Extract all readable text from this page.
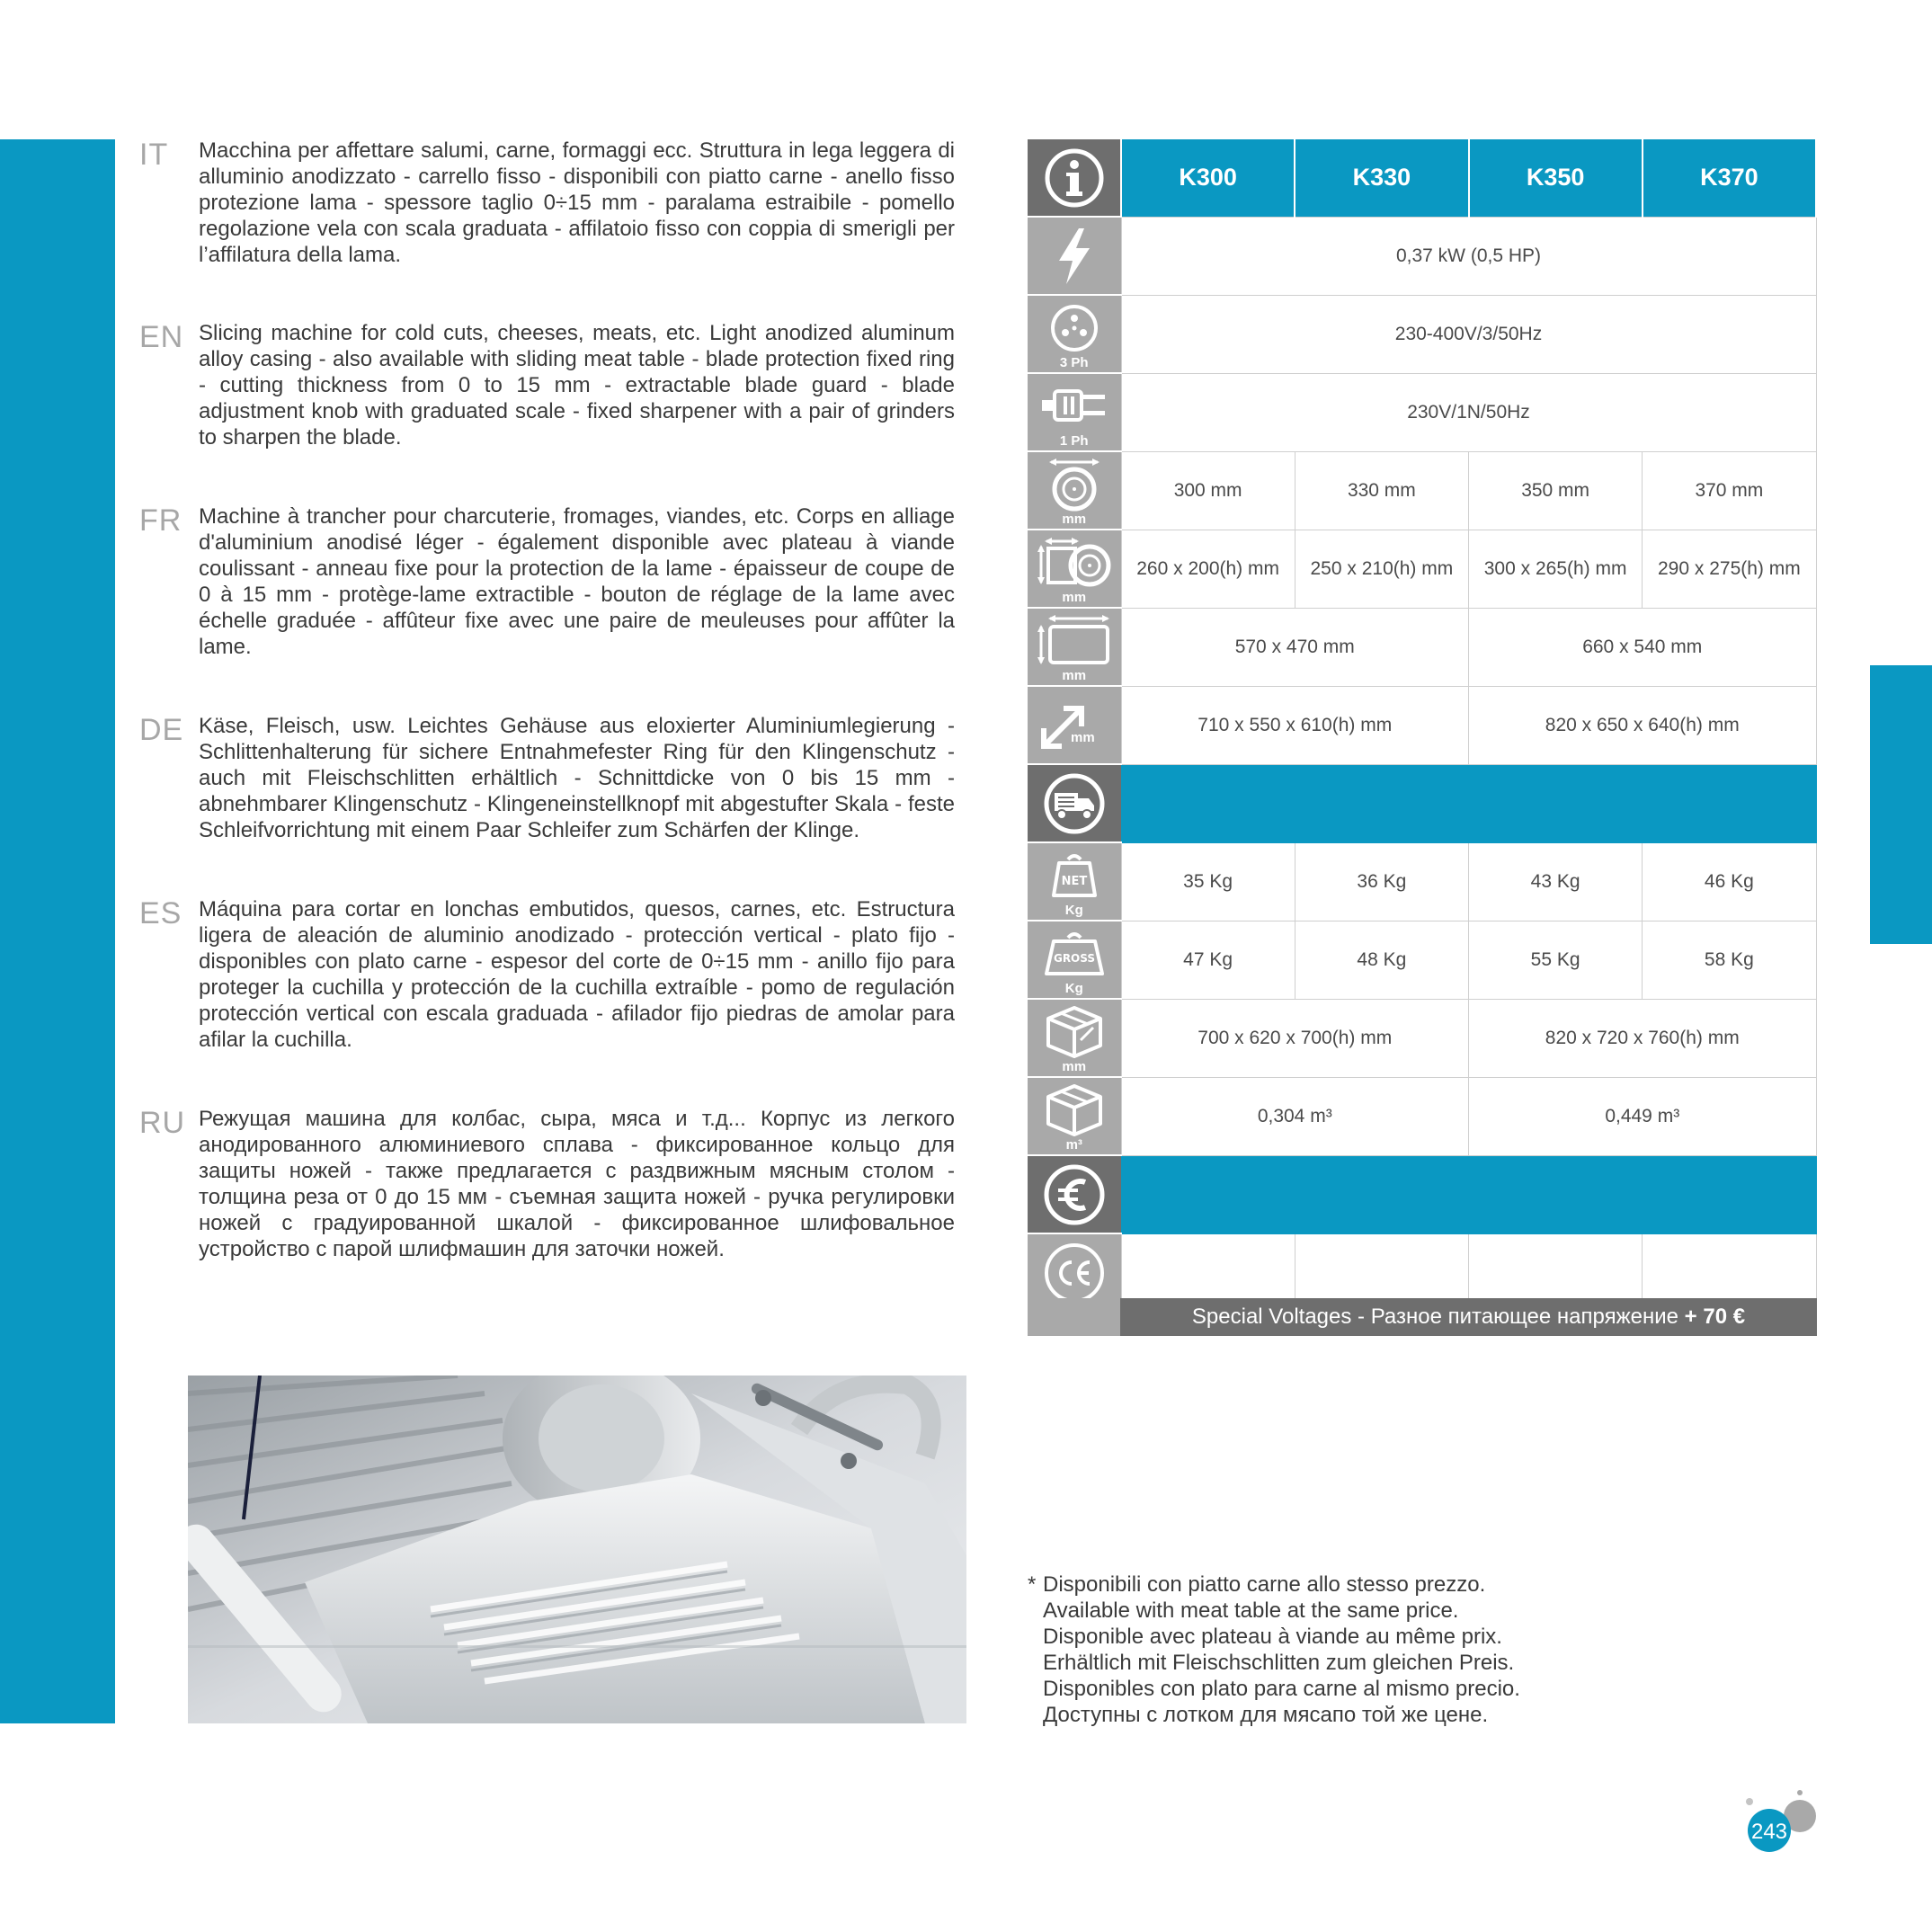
IT Macchina per affettare salumi, carne, formaggi ecc. Struttura in lega leggera di alluminio anodizzato - carrello fisso - disponibili con piatto carne - anello fisso protezione lama - spessore taglio 0÷15 mm - paralama estraibile - pomello regolazione vela con scala graduata - affilatoio fisso con coppia di smerigli per l’affilatura della lama.
EN Slicing machine for cold cuts, cheeses, meats, etc. Light anodized aluminum alloy casing - also available with sliding meat table - blade protection fixed ring - cutting thickness from 0 to 15 mm - extractable blade guard - blade adjustment knob with graduated scale - fixed sharpener with a pair of grinders to sharpen the blade.
FR Machine à trancher pour charcuterie, fromages, viandes, etc. Corps en alliage d'aluminium anodisé léger - également disponible avec plateau à viande coulissant - anneau fixe pour la protection de la lame - épaisseur de coupe de 0 à 15 mm - protège-lame extractible - bouton de réglage de la lame avec échelle graduée - affûteur fixe avec une paire de meuleuses pour affûter la lame.
DE Käse, Fleisch, usw. Leichtes Gehäuse aus eloxierter Aluminiumlegierung - Schlittenhalterung für sichere Entnahmefester Ring für den Klingenschutz - auch mit Fleischschlitten erhältlich - Schnittdicke von 0 bis 15 mm - abnehmbarer Klingenschutz - Klingeneinstellknopf mit abgestufter Skala - feste Schleifvorrichtung mit einem Paar Schleifer zum Schärfen der Klinge.
ES Máquina para cortar en lonchas embutidos, quesos, carnes, etc. Estructura ligera de aleación de aluminio anodizado - protección vertical - plato fijo - disponibles con plato carne - espesor del corte de 0÷15 mm - anillo fijo para proteger la cuchilla y protección de la cuchilla extraíble - pomo de regulación protección vertical con escala graduada - afilador fijo piedras de amolar para afilar la cuchilla.
RU Режущая машина для колбас, сыра, мяса и т.д... Корпус из легкого анодированного алюминиевого сплава - фиксированное кольцо для защиты ножей - также предлагается с раздвижным мясным столом - толщина реза от 0 до 15 мм - съемная защита ножей - ручка регулировки ножей с градуированной шкалой - фиксированное шлифовальное устройство с парой шлифмашин для заточки ножей.
	K300	K330	K350	K370

	0,37 kW (0,5 HP)			

3 Ph	230-400V/3/50Hz			

1 Ph	230V/1N/50Hz			

mm	300 mm	330 mm	350 mm	370 mm

mm	260 x 200(h) mm	250 x 210(h) mm	300 x 265(h) mm	290 x 275(h) mm

mm	570 x 470 mm		660 x 540 mm	

mm	710 x 550 x 610(h) mm		820 x 650 x 640(h) mm	

NET
Kg	35 Kg	36 Kg	43 Kg	46 Kg

GROSS
Kg	47 Kg	48 Kg	55 Kg	58 Kg

mm	700 x 620 x 700(h) mm		820 x 720 x 760(h) mm	

m³	0,304 m³		0,449 m³	

Special Voltages - Разное питающее напряжение + 70 €
* Disponibili con piatto carne allo stesso prezzo.
Available with meat table at the same price.
Disponible avec plateau à viande au même prix.
Erhältlich mit Fleischschlitten zum gleichen Preis.
Disponibles con plato para carne al mismo precio.
Доступны с лотком для мясапо той же цене.
243
